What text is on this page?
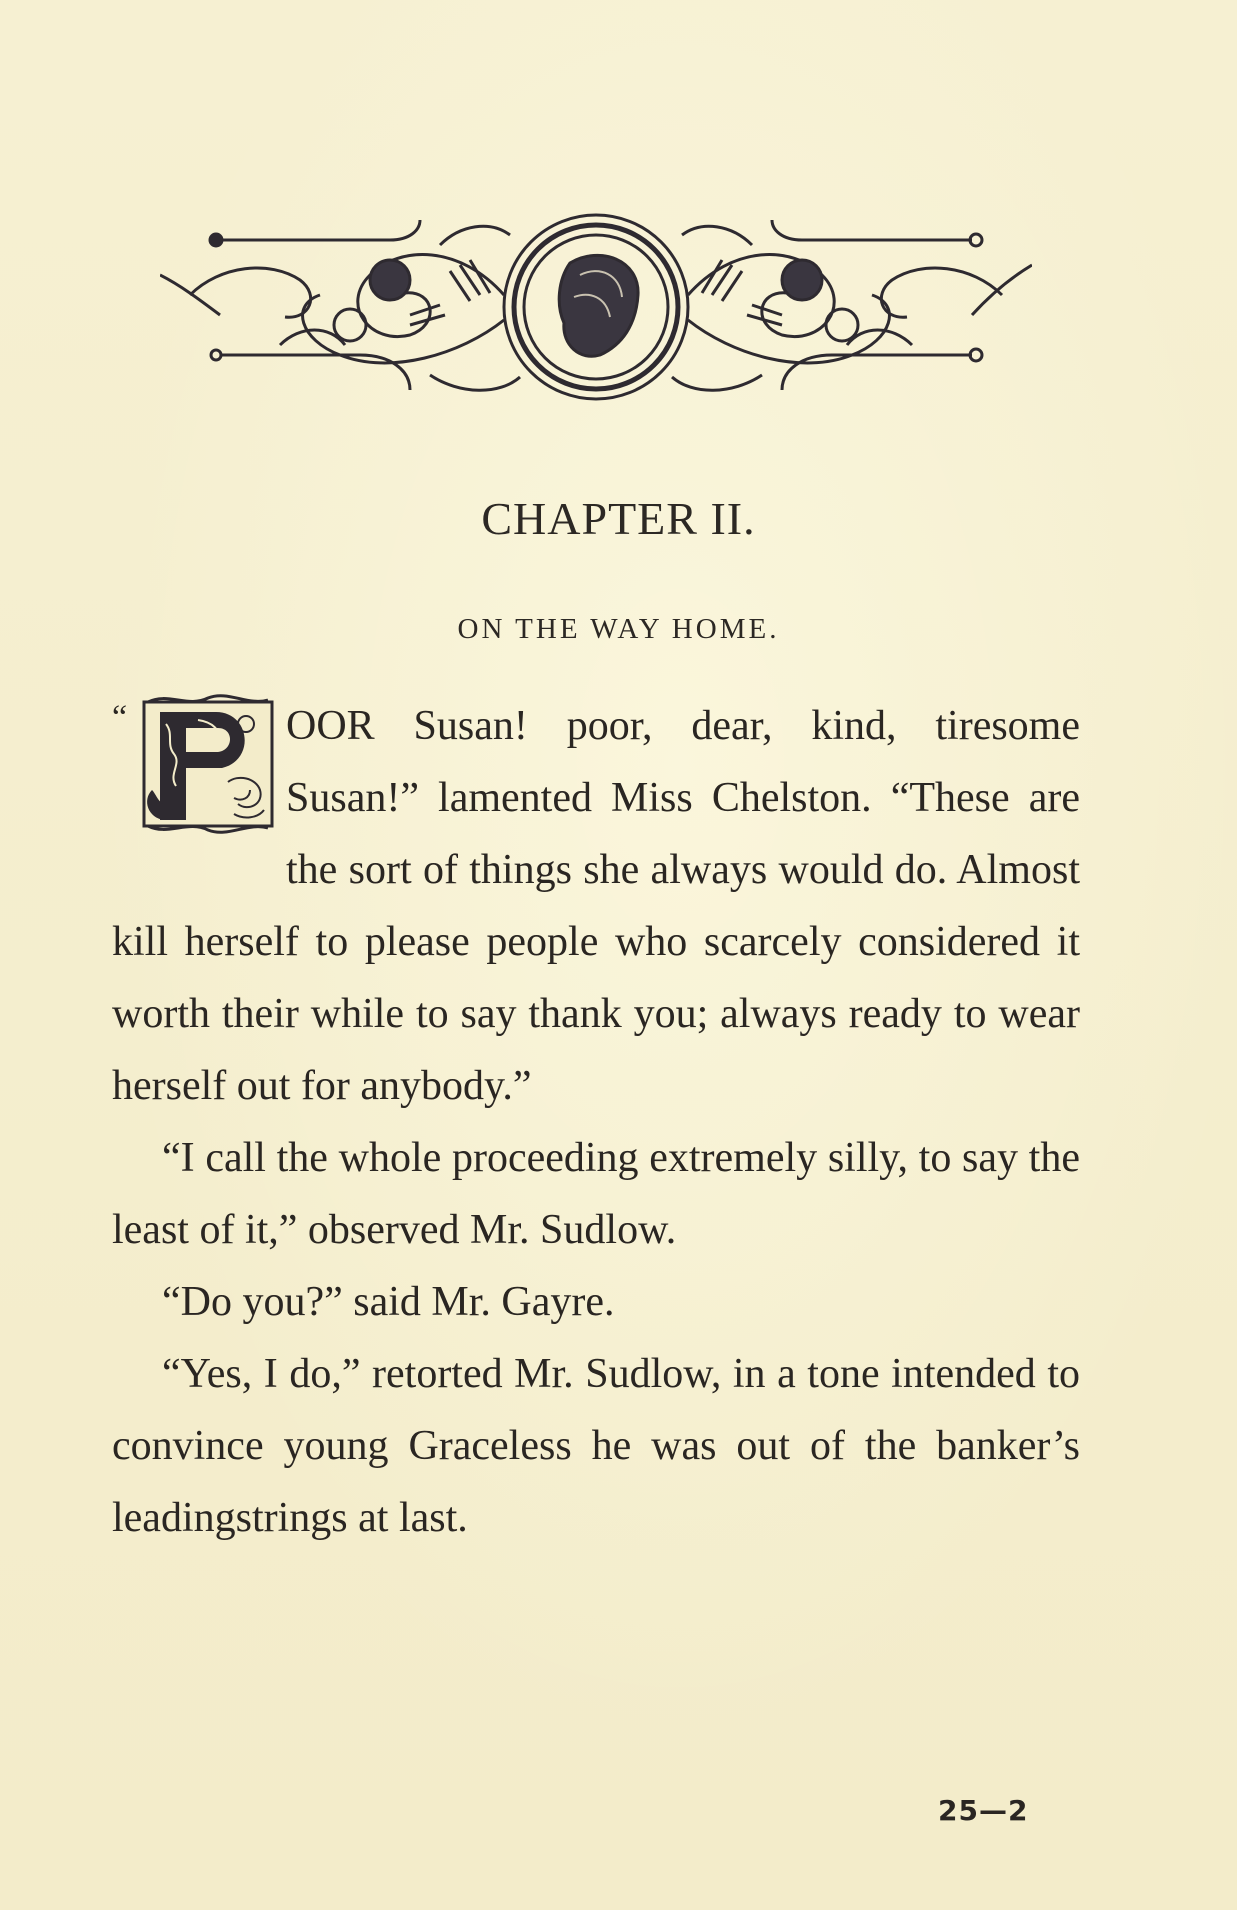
CHAPTER II.
ON THE WAY HOME.
“	OOR Susan! poor, dear, kind, tiresome Susan!” lamented Miss Chelston. “These are the sort of things she always would do. Almost kill herself to please people who scarcely considered it worth their while to say thank you; always ready to wear herself out for anybody.”

“I call the whole proceeding extremely silly, to say the least of it,” observed Mr. Sudlow.

“Do you?” said Mr. Gayre.

“Yes, I do,” retorted Mr. Sudlow, in a tone intended to convince young Graceless he was out of the banker’s leadingstrings at last.

25—2
